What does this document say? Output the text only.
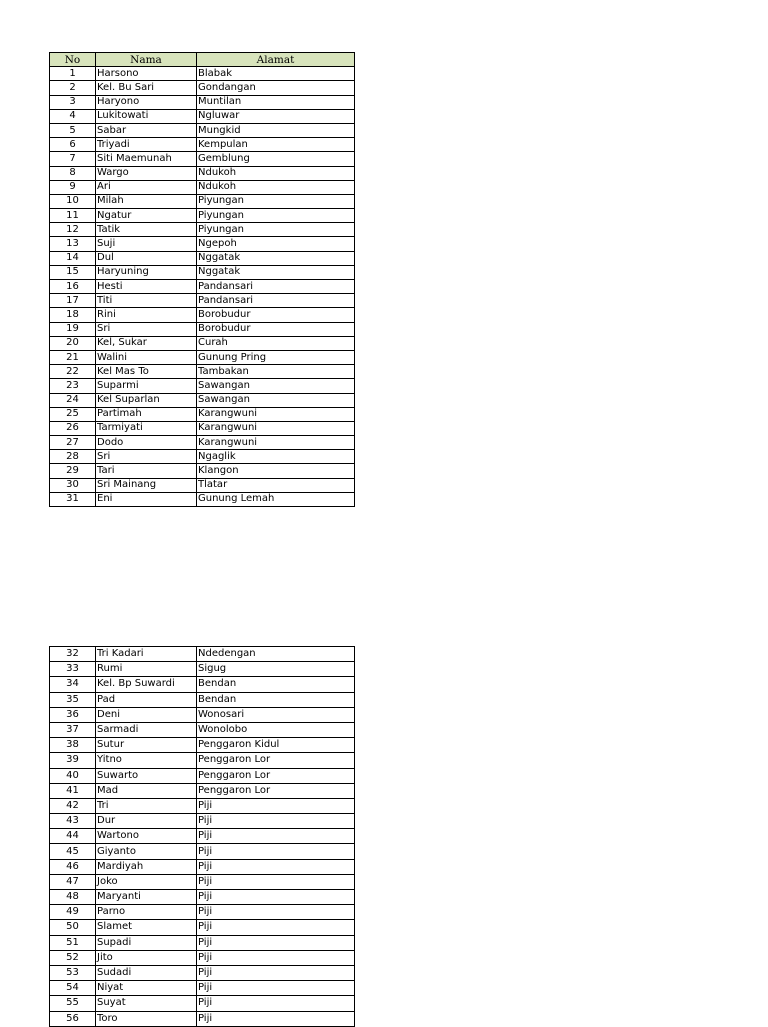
No	Nama	Alamat
1	Harsono	Blabak
2	Kel. Bu Sari	Gondangan
3	Haryono	Muntilan
4	Lukitowati	Ngluwar
5	Sabar	Mungkid
6	Triyadi	Kempulan
7	Siti Maemunah	Gemblung
8	Wargo	Ndukoh
9	Ari	Ndukoh
10	Milah	Piyungan
11	Ngatur	Piyungan
12	Tatik	Piyungan
13	Suji	Ngepoh
14	Dul	Nggatak
15	Haryuning	Nggatak
16	Hesti	Pandansari
17	Titi	Pandansari
18	Rini	Borobudur
19	Sri	Borobudur
20	Kel, Sukar	Curah
21	Walini	Gunung Pring
22	Kel Mas To	Tambakan
23	Suparmi	Sawangan
24	Kel Suparlan	Sawangan
25	Partimah	Karangwuni
26	Tarmiyati	Karangwuni
27	Dodo	Karangwuni
28	Sri	Ngaglik
29	Tari	Klangon
30	Sri Mainang	Tlatar
31	Eni	Gunung Lemah
32	Tri Kadari	Ndedengan
33	Rumi	Sigug
34	Kel. Bp Suwardi	Bendan
35	Pad	Bendan
36	Deni	Wonosari
37	Sarmadi	Wonolobo
38	Sutur	Penggaron Kidul
39	Yitno	Penggaron Lor
40	Suwarto	Penggaron Lor
41	Mad	Penggaron Lor
42	Tri	Piji
43	Dur	Piji
44	Wartono	Piji
45	Giyanto	Piji
46	Mardiyah	Piji
47	Joko	Piji
48	Maryanti	Piji
49	Parno	Piji
50	Slamet	Piji
51	Supadi	Piji
52	Jito	Piji
53	Sudadi	Piji
54	Niyat	Piji
55	Suyat	Piji
56	Toro	Piji
